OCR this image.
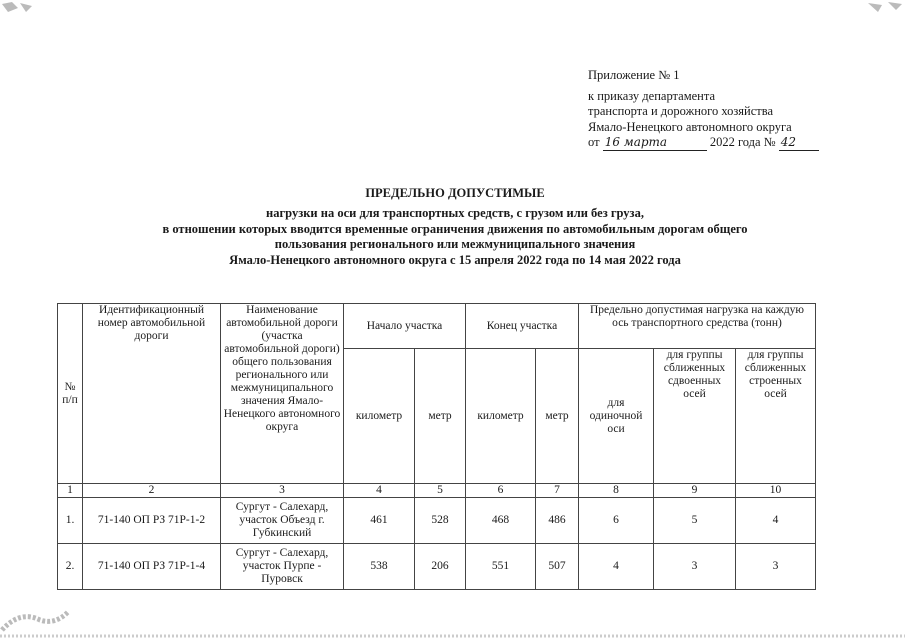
Приложение № 1
к приказу департамента
транспорта и дорожного хозяйства
Ямало-Ненецкого автономного округа
от 16 марта	2022 года № 42
ПРЕДЕЛЬНО ДОПУСТИМЫЕ
нагрузки на оси для транспортных средств, с грузом или без груза,
в отношении которых вводится временные ограничения движения по автомобильным дорогам общего
пользования регионального или межмуниципального значения
Ямало-Ненецкого автономного округа с 15 апреля 2022 года по 14 мая 2022 года
№ п/п	Идентификационный номер автомобильной дороги	Наименование автомобильной дороги (участка автомобильной дороги) общего пользования регионального или межмуниципального значения Ямало-Ненецкого автономного округа	Начало участка		Конец участка		Предельно допустимая нагрузка на каждую ось транспортного средства (тонн)		
			километр	метр	километр	метр	для одиночной оси	для группы сближенных сдвоенных осей	для группы сближенных строенных осей
1	2	3	4	5	6	7	8	9	10
1.	71-140 ОП РЗ 71Р-1-2	Сургут - Салехард, участок Объезд г. Губкинский	461	528	468	486	6	5	4
2.	71-140 ОП РЗ 71Р-1-4	Сургут - Салехард, участок Пурпе - Пуровск	538	206	551	507	4	3	3
